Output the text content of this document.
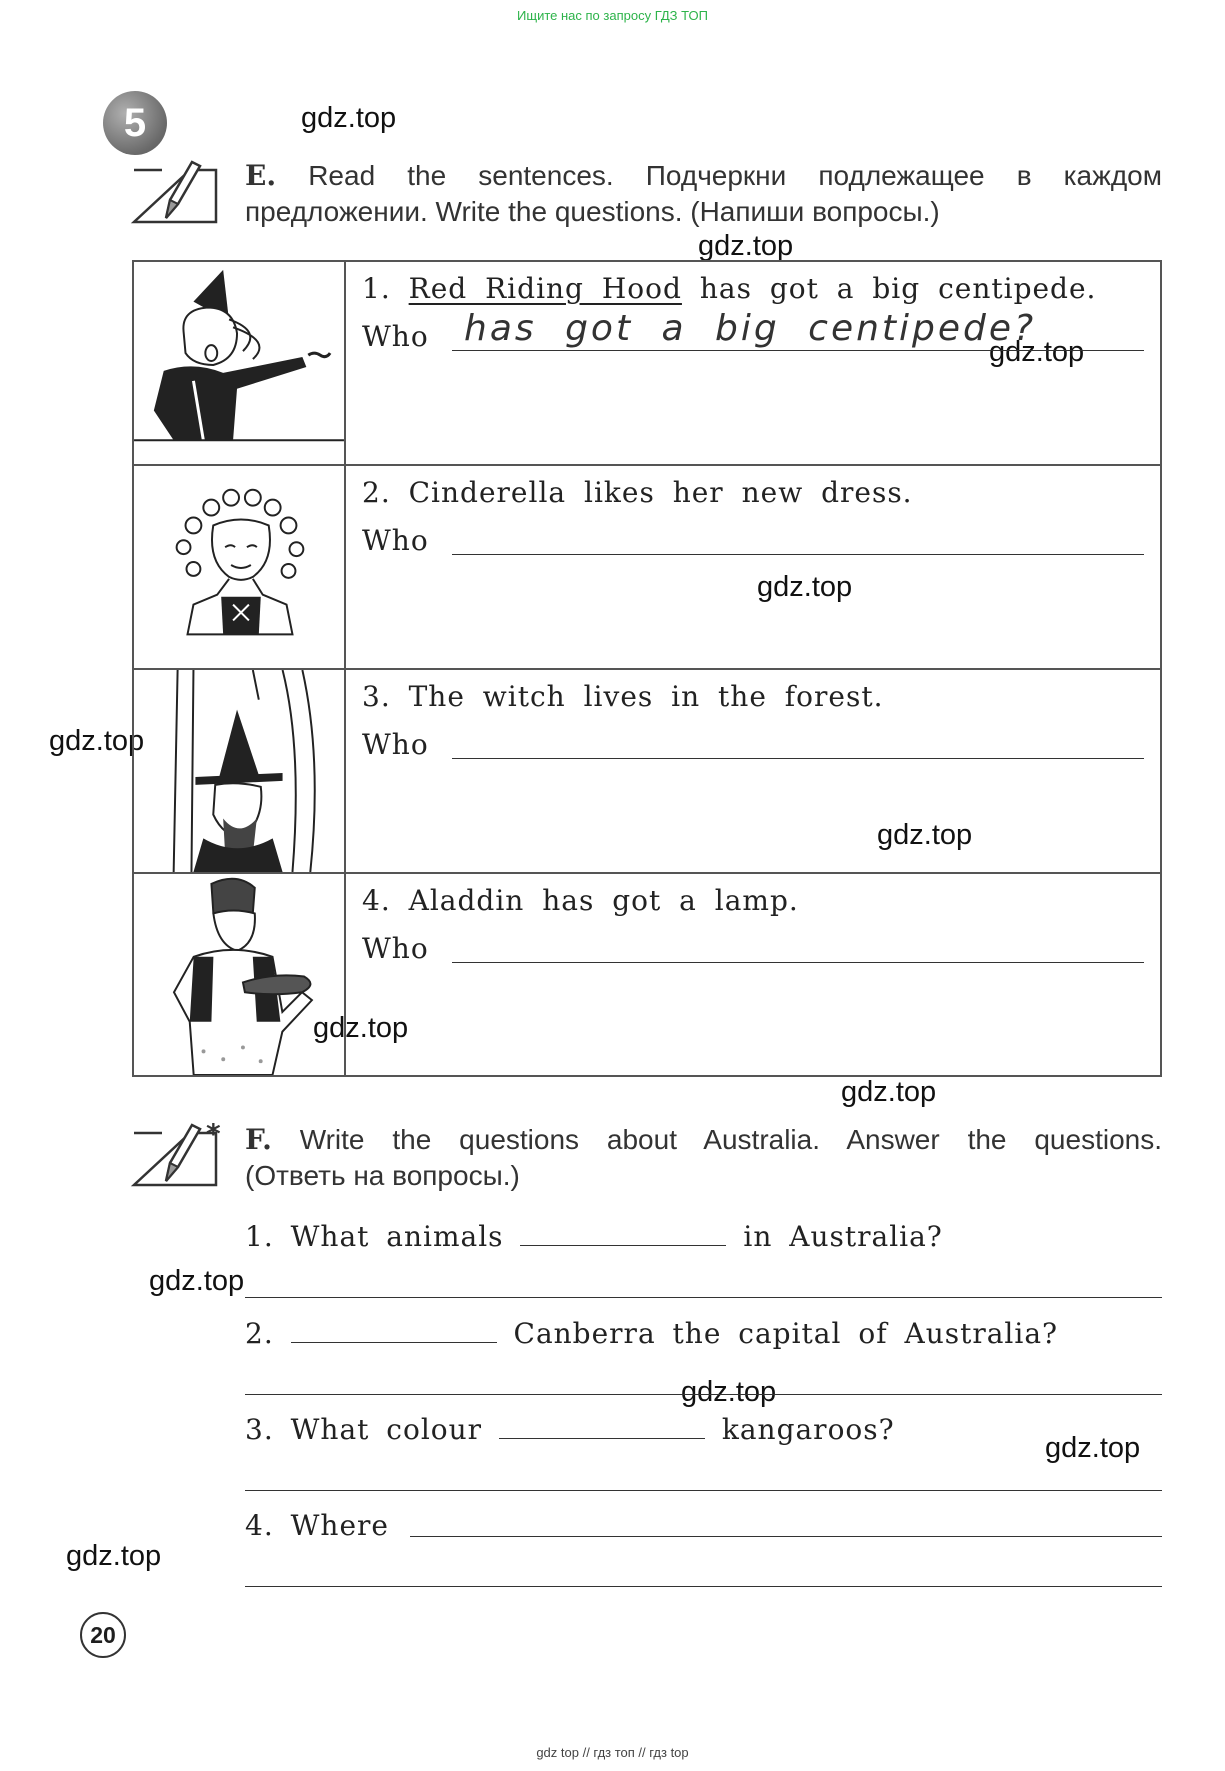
Ищите нас по запросу ГДЗ ТОП
5	gdz.top
gdz.top
gdz.top
gdz.top
gdz.top
gdz.top
gdz.top
gdz.top
gdz.top
gdz.top
gdz.top
gdz.top
E. Read the sentences. Подчеркни подлежащее в каждом
предложении. Write the questions. (Напиши вопросы.)
1. Red Riding Hood has got a big centipede.
Who has got a big centipede?
2. Cinderella likes her new dress.
Who
3. The witch lives in the forest.
Who
4. Aladdin has got a lamp.
Who
* F. Write the questions about Australia. Answer the questions.
(Ответь на вопросы.)
1. What animals	in Australia?
2.	Canberra the capital of Australia?
3. What colour	kangaroos?
4. Where
20
gdz top // гдз топ // гдз top
